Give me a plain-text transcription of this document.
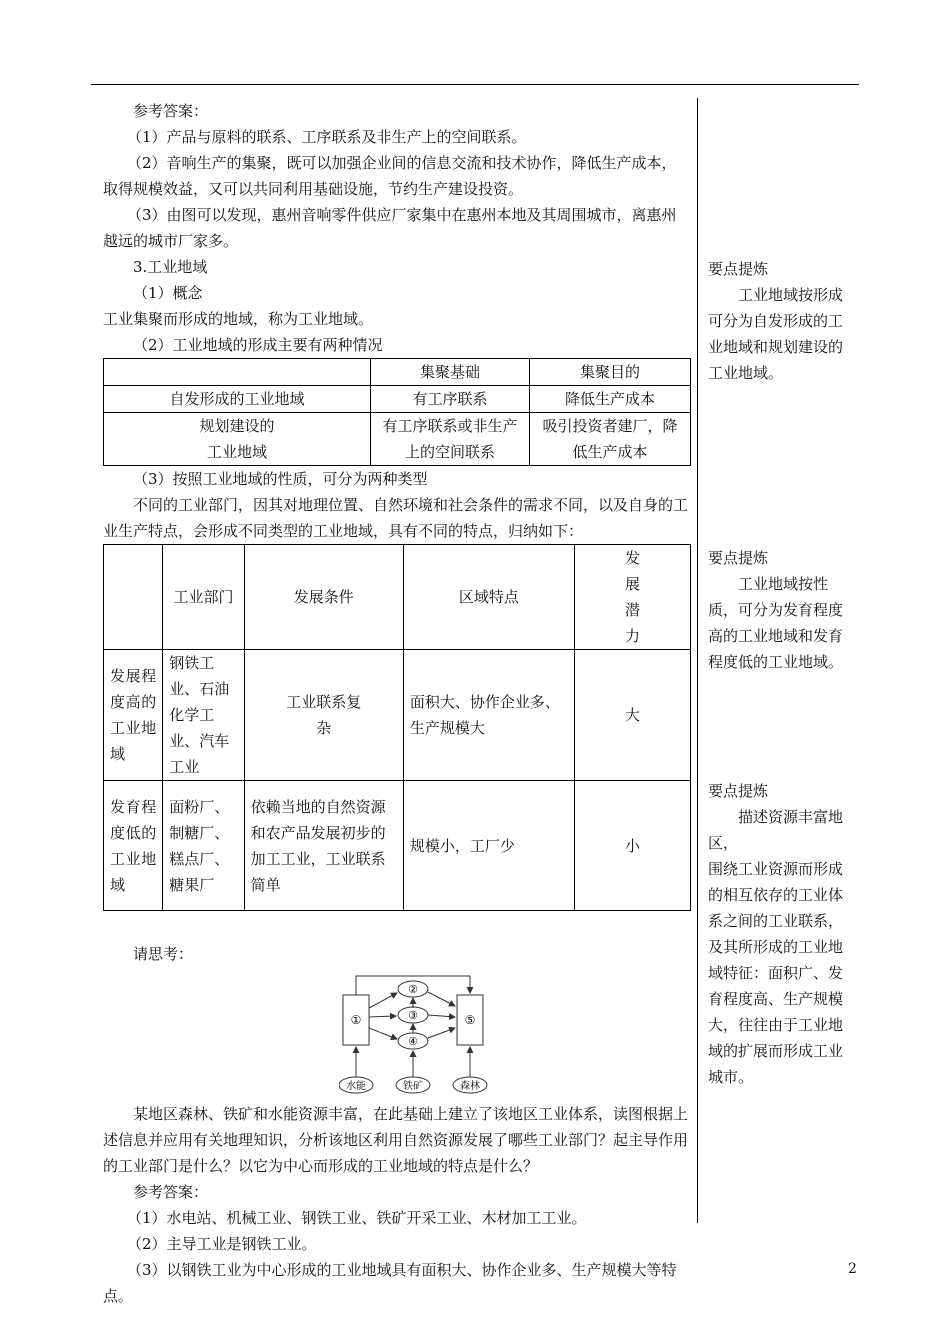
参考答案：

（1）产品与原料的联系、工序联系及非生产上的空间联系。

（2）音响生产的集聚，既可以加强企业间的信息交流和技术协作，降低生产成本，取得规模效益，又可以共同利用基础设施，节约生产建设投资。

（3）由图可以发现，惠州音响零件供应厂家集中在惠州本地及其周围城市，离惠州越远的城市厂家多。

3.工业地域

（1）概念

工业集聚而形成的地域，称为工业地域。

（2）工业地域的形成主要有两种情况

	集聚基础	集聚目的
自发形成的工业地域	有工序联系	降低生产成本
规划建设的工业地域	有工序联系或非生产上的空间联系	吸引投资者建厂，降低生产成本

（3）按照工业地域的性质，可分为两种类型

不同的工业部门，因其对地理位置、自然环境和社会条件的需求不同，以及自身的工业生产特点，会形成不同类型的工业地域，具有不同的特点，归纳如下：

	工业部门	发展条件	区域特点	发展潜力
发展程度高的工业地域	钢铁工业、石油化学工业、汽车工业	工业联系复杂	面积大、协作企业多、生产规模大	大
发育程度低的工业地域	面粉厂、制糖厂、糕点厂、糖果厂	依赖当地的自然资源和农产品发展初步的加工工业，工业联系简单	规模小，工厂少	小

请思考：

①
②
③
④
⑤
水能	铁矿	森林

某地区森林、铁矿和水能资源丰富，在此基础上建立了该地区工业体系，读图根据上述信息并应用有关地理知识，分析该地区利用自然资源发展了哪些工业部门？起主导作用的工业部门是什么？以它为中心而形成的工业地域的特点是什么？

参考答案：

（1）水电站、机械工业、钢铁工业、铁矿开采工业、木材加工工业。

（2）主导工业是钢铁工业。

（3）以钢铁工业为中心形成的工业地域具有面积大、协作企业多、生产规模大等特点。

要点提炼

工业地域按形成可分为自发形成的工业地域和规划建设的工业地域。

要点提炼

工业地域按性质，可分为发育程度高的工业地域和发育程度低的工业地域。

要点提炼

描述资源丰富地区，

围绕工业资源而形成的相互依存的工业体系之间的工业联系，及其所形成的工业地域特征：面积广、发育程度高、生产规模大，往往由于工业地域的扩展而形成工业城市。

2
